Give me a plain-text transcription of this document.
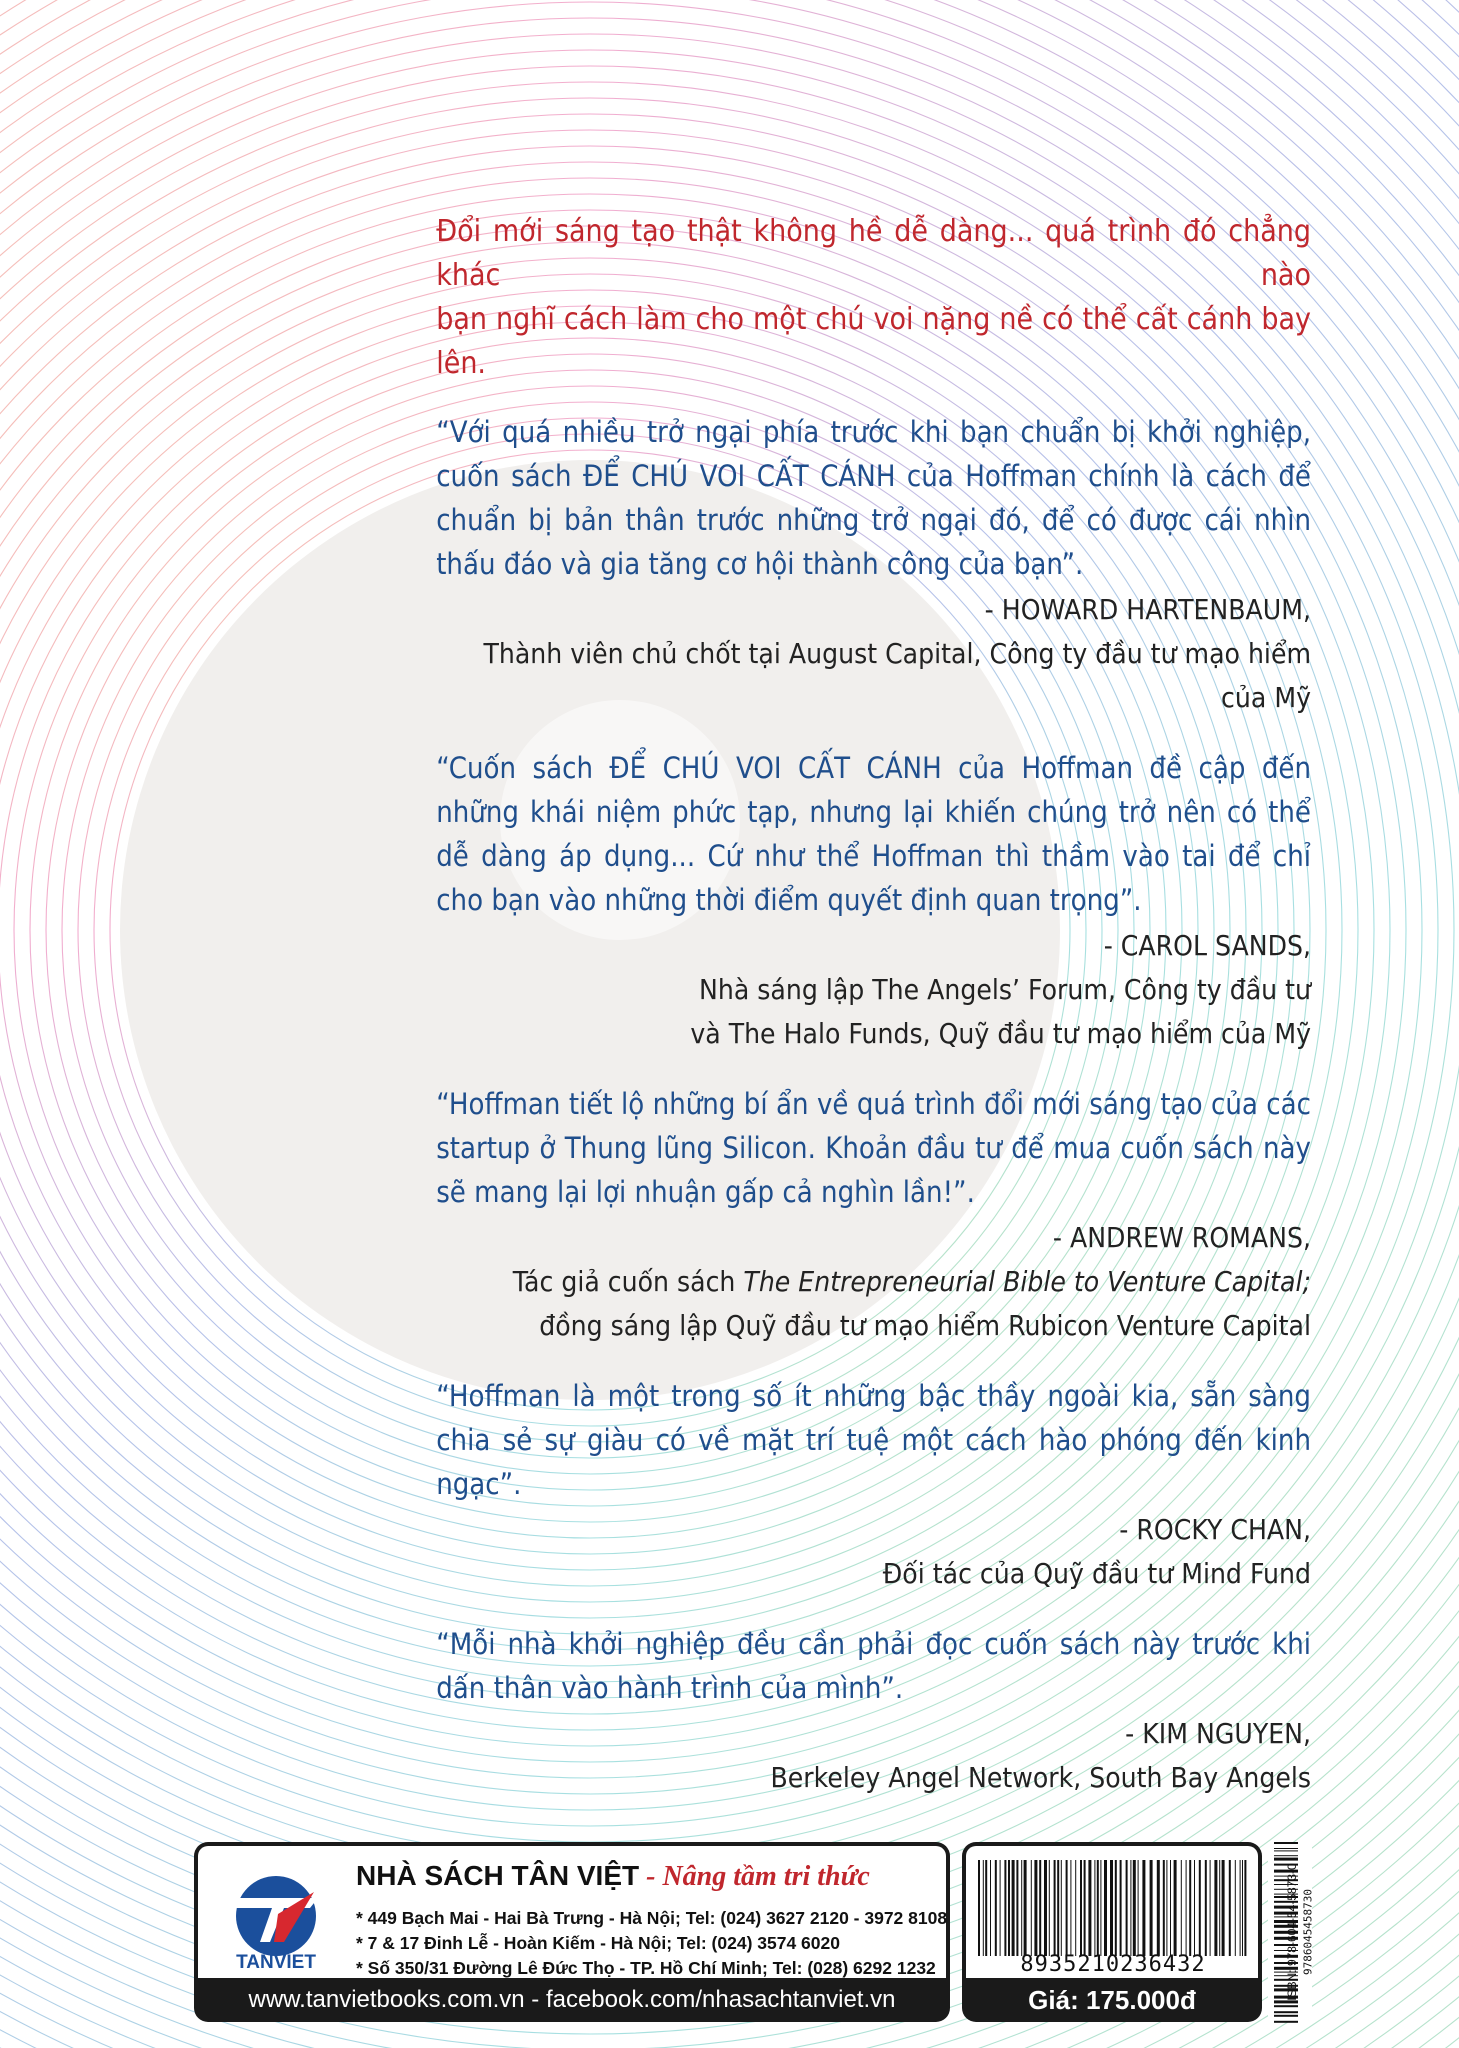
Đổi mới sáng tạo thật không hề dễ dàng... quá trình đó chẳng khác nào
bạn nghĩ cách làm cho một chú voi nặng nề có thể cất cánh bay lên.

“Với quá nhiều trở ngại phía trước khi bạn chuẩn bị khởi nghiệp, cuốn sách ĐỂ CHÚ VOI CẤT CÁNH của Hoffman chính là cách để chuẩn bị bản thân trước những trở ngại đó, để có được cái nhìn thấu đáo và gia tăng cơ hội thành công của bạn”.

- HOWARD HARTENBAUM,
Thành viên chủ chốt tại August Capital, Công ty đầu tư mạo hiểm của Mỹ

“Cuốn sách ĐỂ CHÚ VOI CẤT CÁNH của Hoffman đề cập đến những khái niệm phức tạp, nhưng lại khiến chúng trở nên có thể dễ dàng áp dụng... Cứ như thể Hoffman thì thầm vào tai để chỉ cho bạn vào những thời điểm quyết định quan trọng”.

- CAROL SANDS,
Nhà sáng lập The Angels’ Forum, Công ty đầu tư
và The Halo Funds, Quỹ đầu tư mạo hiểm của Mỹ

“Hoffman tiết lộ những bí ẩn về quá trình đổi mới sáng tạo của các startup ở Thung lũng Silicon. Khoản đầu tư để mua cuốn sách này sẽ mang lại lợi nhuận gấp cả nghìn lần!”.

- ANDREW ROMANS,
Tác giả cuốn sách The Entrepreneurial Bible to Venture Capital;
đồng sáng lập Quỹ đầu tư mạo hiểm Rubicon Venture Capital

“Hoffman là một trong số ít những bậc thầy ngoài kia, sẵn sàng chia sẻ sự giàu có về mặt trí tuệ một cách hào phóng đến kinh ngạc”.

- ROCKY CHAN,
Đối tác của Quỹ đầu tư Mind Fund

“Mỗi nhà khởi nghiệp đều cần phải đọc cuốn sách này trước khi dấn thân vào hành trình của mình”.

- KIM NGUYEN,
Berkeley Angel Network, South Bay Angels
TANVIET
NHÀ SÁCH TÂN VIỆT - Nâng tầm tri thức
* 449 Bạch Mai - Hai Bà Trưng - Hà Nội; Tel: (024) 3627 2120 - 3972 8108
* 7 & 17 Đinh Lễ - Hoàn Kiếm - Hà Nội; Tel: (024) 3574 6020
* Số 350/31 Đường Lê Đức Thọ - TP. Hồ Chí Minh; Tel: (028) 6292 1232
www.tanvietbooks.com.vn - facebook.com/nhasachtanviet.vn
8935210236432
Giá: 175.000đ	ISBN: 978-604-54-5873-0 9786045458730
